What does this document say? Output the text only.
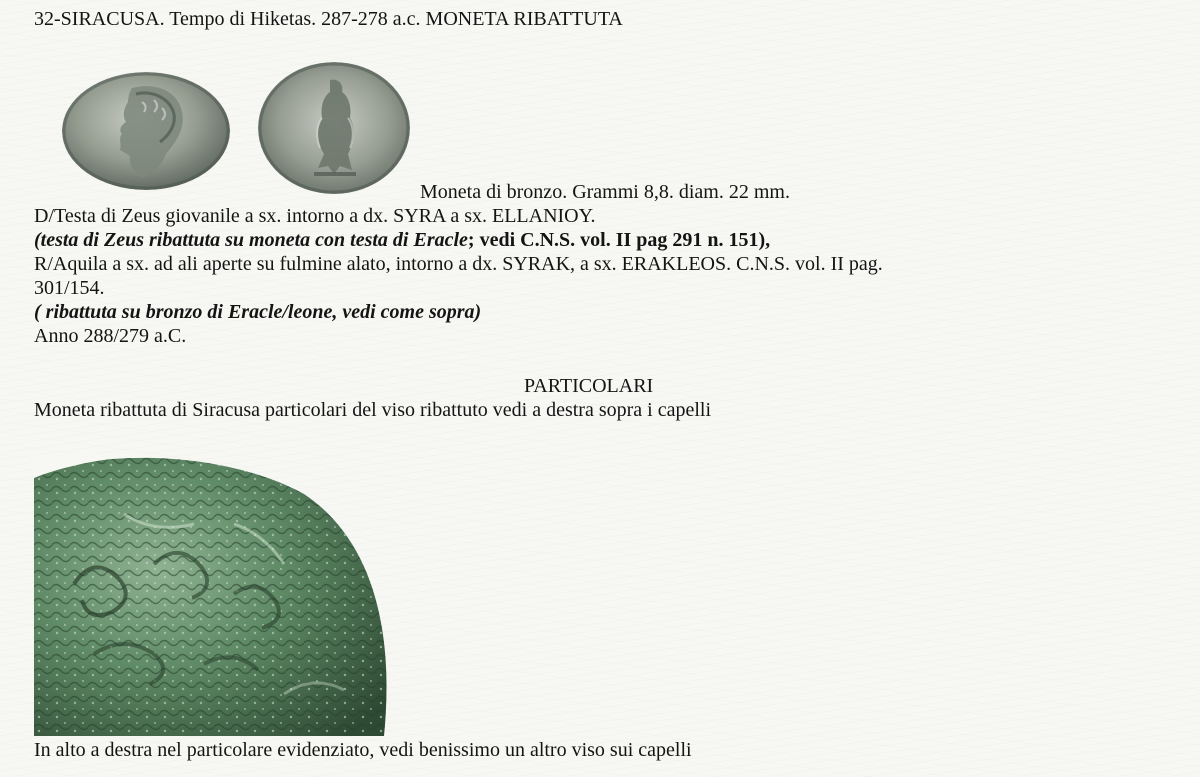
32-SIRACUSA. Tempo di Hiketas. 287-278 a.c. MONETA RIBATTUTA

Moneta di bronzo. Grammi 8,8. diam. 22 mm.

D/Testa di Zeus giovanile a sx. intorno a dx. SYRA a sx. ELLANIOY.

(testa di Zeus ribattuta su moneta con testa di Eracle; vedi C.N.S. vol. II pag 291 n. 151),

R/Aquila a sx. ad ali aperte su fulmine alato, intorno a dx. SYRAK, a sx. ERAKLEOS. C.N.S. vol. II pag.

301/154.

( ribattuta su bronzo di Eracle/leone, vedi come sopra)

Anno 288/279 a.C.

PARTICOLARI

Moneta ribattuta di Siracusa particolari del viso ribattuto vedi a destra sopra i capelli

In alto a destra nel particolare evidenziato, vedi benissimo un altro viso sui capelli
